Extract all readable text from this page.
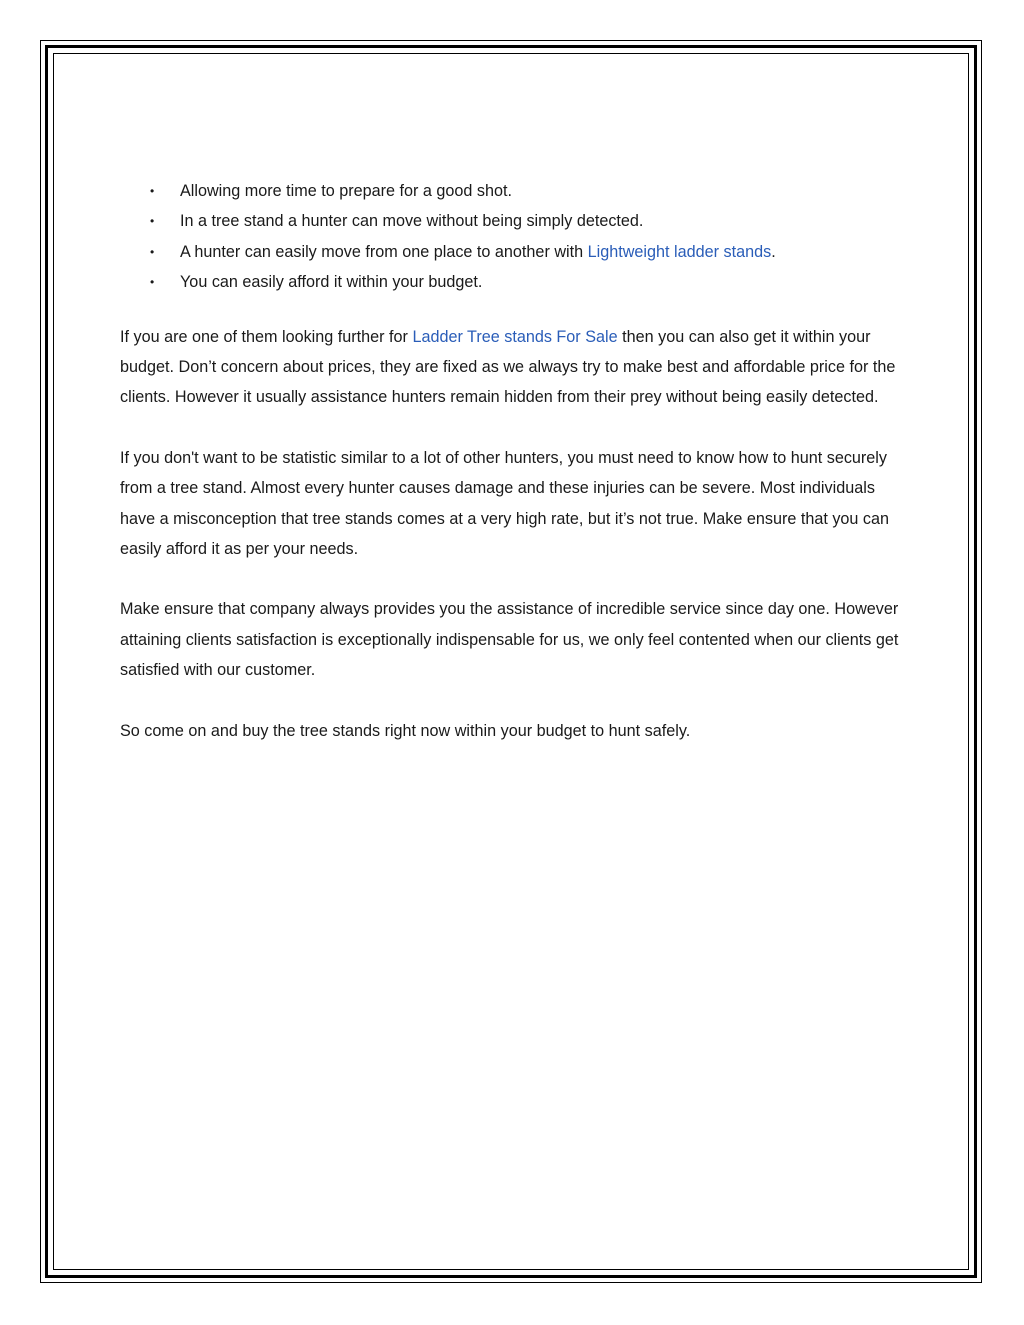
• Allowing more time to prepare for a good shot.
• In a tree stand a hunter can move without being simply detected.
• A hunter can easily move from one place to another with Lightweight ladder stands.
• You can easily afford it within your budget.

If you are one of them looking further for Ladder Tree stands For Sale then you can also get it within your budget. Don’t concern about prices, they are fixed as we always try to make best and affordable price for the clients. However it usually assistance hunters remain hidden from their prey without being easily detected.

If you don't want to be statistic similar to a lot of other hunters, you must need to know how to hunt securely from a tree stand. Almost every hunter causes damage and these injuries can be severe. Most individuals have a misconception that tree stands comes at a very high rate, but it’s not true. Make ensure that you can easily afford it as per your needs.

Make ensure that company always provides you the assistance of incredible service since day one. However attaining clients satisfaction is exceptionally indispensable for us, we only feel contented when our clients get satisfied with our customer.

So come on and buy the tree stands right now within your budget to hunt safely.
